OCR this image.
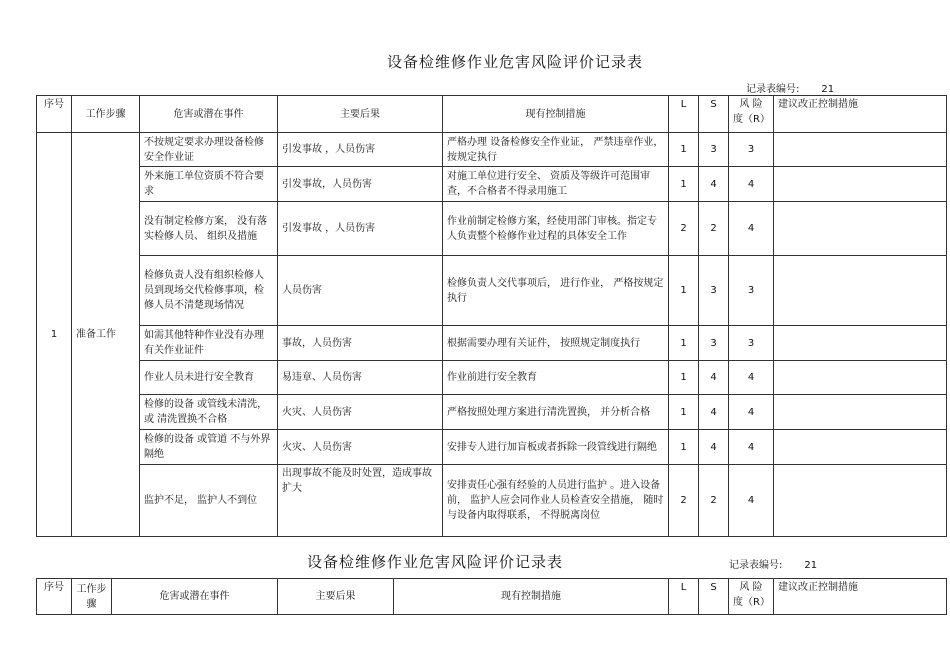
设备检维修作业危害风险评价记录表
记录表编号: 21
序号	工作步骤	危害或潜在事件	主要后果	现有控制措施	L	S	风 险 度（R）	建议改正控制措施
1	准备工作	不按规定要求办理设备检修安全作业证	引发事故 ，人员伤害	严格办理 设备检修安全作业证， 严禁违章作业，按规定执行	1	3	3	
		外来施工单位资质不符合要求	引发事故，人员伤害	对施工单位进行安全、 资质及等级许可范围审查，不合格者不得录用施工	1	4	4	
		没有制定检修方案， 没有落实检修人员、 组织及措施	引发事故 ，人员伤害	作业前制定检修方案，经使用部门审核。指定专人负责整个检修作业过程的具体安全工作	2	2	4	
		检修负责人没有组织检修人员到现场交代检修事项，检修人员不清楚现场情况	人员伤害	检修负责人交代事项后， 进行作业， 严格按规定执行	1	3	3	
		如需其他特种作业没有办理有关作业证件	事故，人员伤害	根据需要办理有关证件， 按照规定制度执行	1	3	3	
		作业人员未进行安全教育	易违章、人员伤害	作业前进行安全教育	1	4	4	
		检修的设备 或管线未清洗，或 清洗置换不合格	火灾、人员伤害	严格按照处理方案进行清洗置换， 并分析合格	1	4	4	
		检修的设备 或管道 不与外界隔绝	火灾、人员伤害	安排专人进行加盲板或者拆除一段管线进行隔绝	1	4	4	
		监护不足， 监护人不到位	出现事故不能及时处置，造成事故扩大	安排责任心强有经验的人员进行监护 。进入设备前， 监护人应会同作业人员检查安全措施， 随时与设备内取得联系， 不得脱离岗位	2	2	4	
设备检维修作业危害风险评价记录表	记录表编号: 21
序号	工作步骤	危害或潜在事件	主要后果	现有控制措施	L	S	风 险 度（R）	建议改正控制措施
